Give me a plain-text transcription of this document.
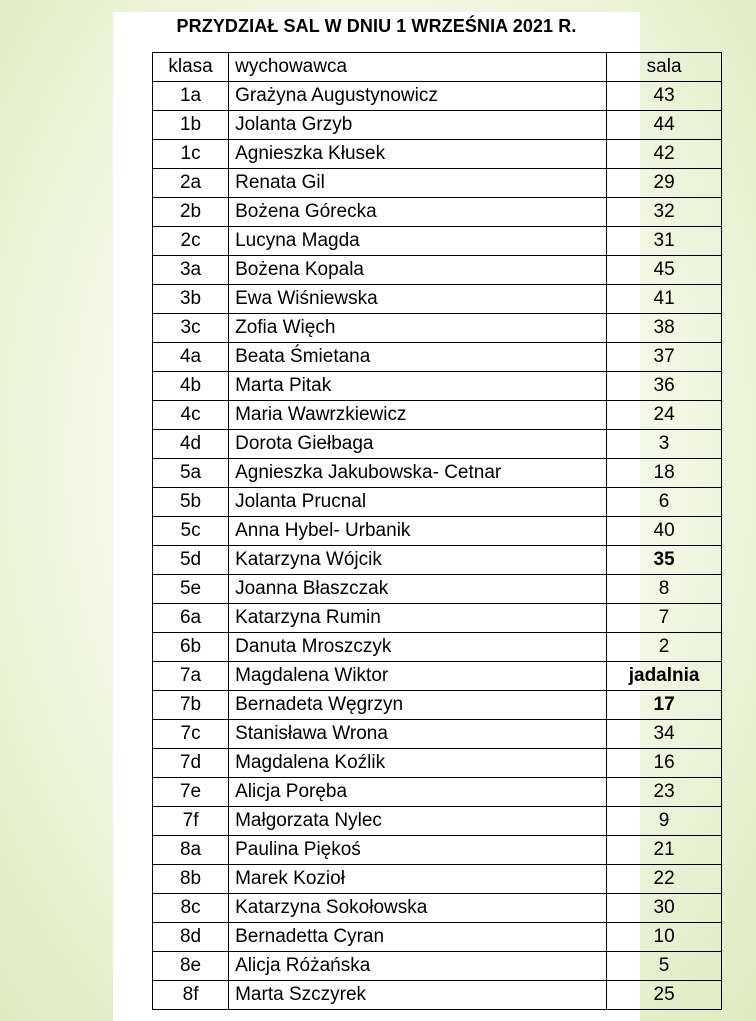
PRZYDZIAŁ SAL W DNIU 1 WRZEŚNIA 2021 R.
klasa	wychowawca	sala
1a	Grażyna Augustynowicz	43
1b	Jolanta Grzyb	44
1c	Agnieszka Kłusek	42
2a	Renata Gil	29
2b	Bożena Górecka	32
2c	Lucyna Magda	31
3a	Bożena Kopala	45
3b	Ewa Wiśniewska	41
3c	Zofia Więch	38
4a	Beata Śmietana	37
4b	Marta Pitak	36
4c	Maria Wawrzkiewicz	24
4d	Dorota Giełbaga	3
5a	Agnieszka Jakubowska- Cetnar	18
5b	Jolanta Prucnal	6
5c	Anna Hybel- Urbanik	40
5d	Katarzyna Wójcik	35
5e	Joanna Błaszczak	8
6a	Katarzyna Rumin	7
6b	Danuta Mroszczyk	2
7a	Magdalena Wiktor	jadalnia
7b	Bernadeta Węgrzyn	17
7c	Stanisława Wrona	34
7d	Magdalena Koźlik	16
7e	Alicja Poręba	23
7f	Małgorzata Nylec	9
8a	Paulina Piękoś	21
8b	Marek Kozioł	22
8c	Katarzyna Sokołowska	30
8d	Bernadetta Cyran	10
8e	Alicja Różańska	5
8f	Marta Szczyrek	25
